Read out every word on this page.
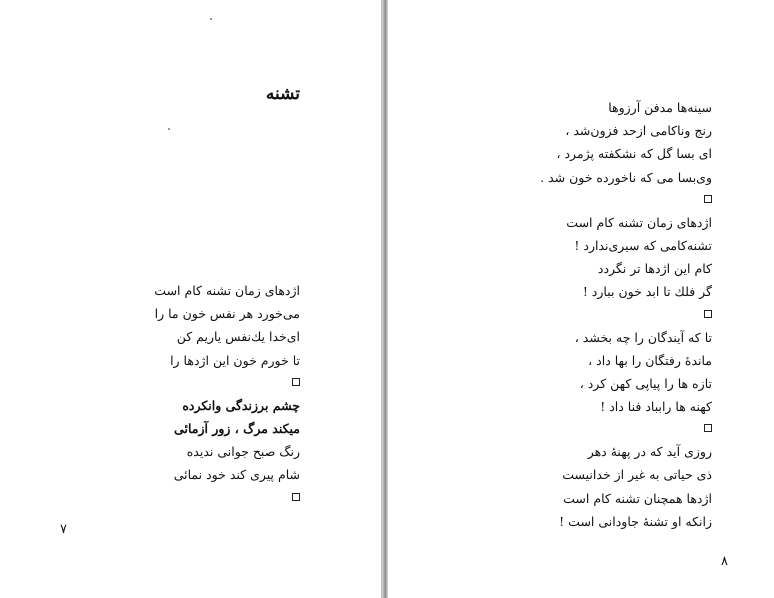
تشنه
اژدهای زمان تشنه کام است
می‌خورد هر نفس خون ما را
ای‌خدا یك‌نفس یاریم کن
تا خورم خون این اژدها را
چشم برزندگی وانکرده
میکند مرگ ، زور آزمائی
رنگ صبح جوانی ندیده
شام پیری کند خود نمائی
۷
سینه‌ها مدفن آرزوها
رنج وناکامی ازحد فزون‌شد ،
ای بسا گل که نشکفته پژمرد ،
وی‌بسا می که ناخورده خون شد .
اژدهای زمان تشنه کام است
تشنه‌کامی که سیری‌ندارد !
کام این اژدها تر نگردد
گر فلك تا ابد خون ببارد !
تا که آیندگان را چه بخشد ،
ماندهٔ رفتگان را بها داد ،
تازه ها را پیاپی کهن کرد ،
کهنه ها رابباد فنا داد !
روزی آید که در پهنهٔ دهر
ذی حیاتی به غیر از خدانیست
اژدها همچنان تشنه کام است
زانکه او تشنهٔ جاودانی است !
۸
